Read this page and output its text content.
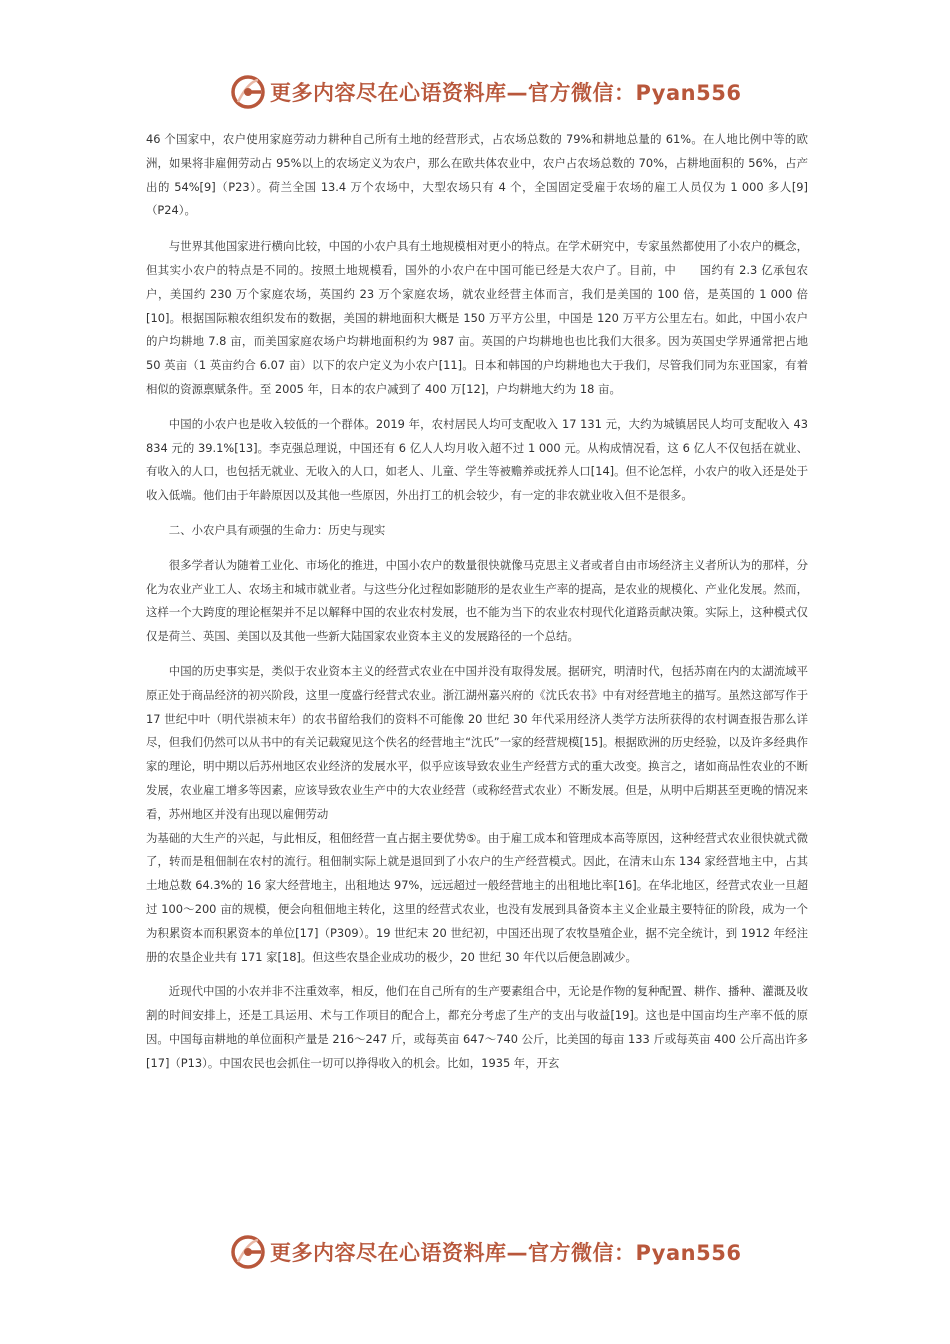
更多内容尽在心语资料库—官方微信：Pyan556

46 个国家中，农户使用家庭劳动力耕种自己所有土地的经营形式，占农场总数的 79%和耕地总量的 61%。在人地比例中等的欧洲，如果将非雇佣劳动占 95%以上的农场定义为农户，那么在欧共体农业中，农户占农场总数的 70%，占耕地面积的 56%，占产出的 54%[9]（P23）。荷兰全国 13.4 万个农场中，大型农场只有 4 个，全国固定受雇于农场的雇工人员仅为 1 000 多人[9]（P24）。

与世界其他国家进行横向比较，中国的小农户具有土地规模相对更小的特点。在学术研究中，专家虽然都使用了小农户的概念，但其实小农户的特点是不同的。按照土地规模看，国外的小农户在中国可能已经是大农户了。目前，中　　国约有 2.3 亿承包农户，美国约 230 万个家庭农场，英国约 23 万个家庭农场，就农业经营主体而言，我们是美国的 100 倍，是英国的 1 000 倍[10]。根据国际粮农组织发布的数据，美国的耕地面积大概是 150 万平方公里，中国是 120 万平方公里左右。如此，中国小农户的户均耕地 7.8 亩，而美国家庭农场户均耕地面积约为 987 亩。英国的户均耕地也也比我们大很多。因为英国史学界通常把占地 50 英亩（1 英亩约合 6.07 亩）以下的农户定义为小农户[11]。日本和韩国的户均耕地也大于我们，尽管我们同为东亚国家，有着相似的资源禀赋条件。至 2005 年，日本的农户减到了 400 万[12]，户均耕地大约为 18 亩。

中国的小农户也是收入较低的一个群体。2019 年，农村居民人均可支配收入 17 131 元，大约为城镇居民人均可支配收入 43 834 元的 39.1%[13]。李克强总理说，中国还有 6 亿人人均月收入超不过 1 000 元。从构成情况看，这 6 亿人不仅包括在就业、有收入的人口，也包括无就业、无收入的人口，如老人、儿童、学生等被赡养或抚养人口[14]。但不论怎样，小农户的收入还是处于收入低端。他们由于年龄原因以及其他一些原因，外出打工的机会较少，有一定的非农就业收入但不是很多。

二、小农户具有顽强的生命力：历史与现实

很多学者认为随着工业化、市场化的推进，中国小农户的数量很快就像马克思主义者或者自由市场经济主义者所认为的那样，分化为农业产业工人、农场主和城市就业者。与这些分化过程如影随形的是农业生产率的提高，是农业的规模化、产业化发展。然而，这样一个大跨度的理论框架并不足以解释中国的农业农村发展，也不能为当下的农业农村现代化道路贡献决策。实际上，这种模式仅仅是荷兰、英国、美国以及其他一些新大陆国家农业资本主义的发展路径的一个总结。

中国的历史事实是，类似于农业资本主义的经营式农业在中国并没有取得发展。据研究，明清时代，包括苏南在内的太湖流域平原正处于商品经济的初兴阶段，这里一度盛行经营式农业。浙江湖州嘉兴府的《沈氏农书》中有对经营地主的描写。虽然这部写作于 17 世纪中叶（明代崇祯末年）的农书留给我们的资料不可能像 20 世纪 30 年代采用经济人类学方法所获得的农村调查报告那么详尽，但我们仍然可以从书中的有关记载窥见这个佚名的经营地主“沈氏”一家的经营规模[15]。根据欧洲的历史经验，以及许多经典作家的理论，明中期以后苏州地区农业经济的发展水平，似乎应该导致农业生产经营方式的重大改变。换言之，诸如商品性农业的不断发展，农业雇工增多等因素，应该导致农业生产中的大农业经营（或称经营式农业）不断发展。但是，从明中后期甚至更晚的情况来看，苏州地区并没有出现以雇佣劳动

为基础的大生产的兴起，与此相反，租佃经营一直占据主要优势⑤。由于雇工成本和管理成本高等原因，这种经营式农业很快就式微了，转而是租佃制在农村的流行。租佃制实际上就是退回到了小农户的生产经营模式。因此，在清末山东 134 家经营地主中，占其土地总数 64.3%的 16 家大经营地主，出租地达 97%，远远超过一般经营地主的出租地比率[16]。在华北地区，经营式农业一旦超过 100～200 亩的规模，便会向租佃地主转化，这里的经营式农业，也没有发展到具备资本主义企业最主要特征的阶段，成为一个为积累资本而积累资本的单位[17]（P309）。19 世纪末 20 世纪初，中国还出现了农牧垦殖企业，据不完全统计，到 1912 年经注册的农垦企业共有 171 家[18]。但这些农垦企业成功的极少，20 世纪 30 年代以后便急剧减少。

近现代中国的小农并非不注重效率，相反，他们在自己所有的生产要素组合中，无论是作物的复种配置、耕作、播种、灌溉及收割的时间安排上，还是工具运用、术与工作项目的配合上，都充分考虑了生产的支出与收益[19]。这也是中国亩均生产率不低的原因。中国每亩耕地的单位面积产量是 216～247 斤，或每英亩 647～740 公斤，比美国的每亩 133 斤或每英亩 400 公斤高出许多[17]（P13）。中国农民也会抓住一切可以挣得收入的机会。比如，1935 年，开玄

更多内容尽在心语资料库—官方微信：Pyan556
